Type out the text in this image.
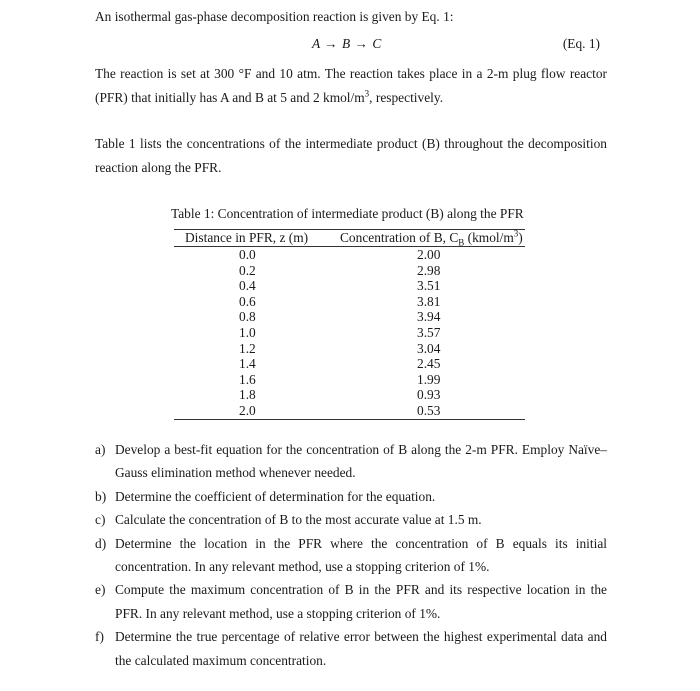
An isothermal gas-phase decomposition reaction is given by Eq. 1:

A → B → C	(Eq. 1)

The reaction is set at 300 °F and 10 atm. The reaction takes place in a 2-m plug flow reactor (PFR) that initially has A and B at 5 and 2 kmol/$m^3$, respectively.

Table 1 lists the concentrations of the intermediate product (B) throughout the decomposition reaction along the PFR.

Table 1: Concentration of intermediate product (B) along the PFR
Distance in PFR, z (m)	Concentration of B, $C_B$ $(kmol/m^3)$
0.0	2.00
0.2	2.98
0.4	3.51
0.6	3.81
0.8	3.94
1.0	3.57
1.2	3.04
1.4	2.45
1.6	1.99
1.8	0.93
2.0	0.53
a) Develop a best-fit equation for the concentration of B along the 2-m PFR. Employ Naïve–Gauss elimination method whenever needed.
b) Determine the coefficient of determination for the equation.
c) Calculate the concentration of B to the most accurate value at 1.5 m.
d) Determine the location in the PFR where the concentration of B equals its initial concentration. In any relevant method, use a stopping criterion of 1%.
e) Compute the maximum concentration of B in the PFR and its respective location in the PFR. In any relevant method, use a stopping criterion of 1%.
f) Determine the true percentage of relative error between the highest experimental data and the calculated maximum concentration.
